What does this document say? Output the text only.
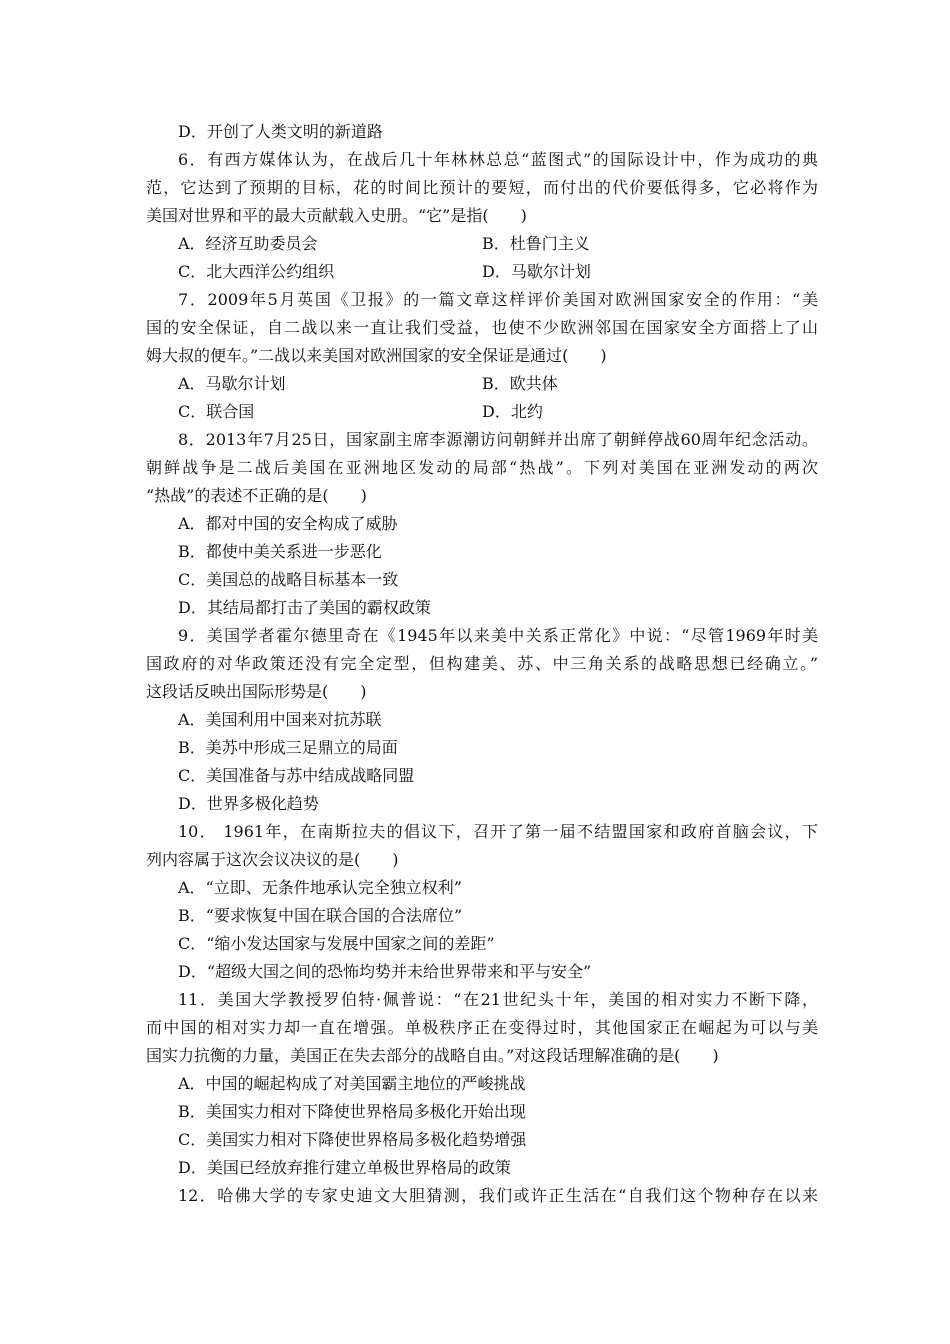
D．开创了人类文明的新道路
6．有西方媒体认为，在战后几十年林林总总“蓝图式”的国际设计中，作为成功的典
范，它达到了预期的目标，花的时间比预计的要短，而付出的代价要低得多，它必将作为
美国对世界和平的最大贡献载入史册。“它”是指(　　)
A．经济互助委员会	B．杜鲁门主义
C．北大西洋公约组织	D．马歇尔计划
7．2009年5月英国《卫报》的一篇文章这样评价美国对欧洲国家安全的作用：“美
国的安全保证，自二战以来一直让我们受益，也使不少欧洲邻国在国家安全方面搭上了山
姆大叔的便车。”二战以来美国对欧洲国家的安全保证是通过(　　)
A．马歇尔计划	B．欧共体
C．联合国	D．北约
8．2013年7月25日，国家副主席李源潮访问朝鲜并出席了朝鲜停战60周年纪念活动。
朝鲜战争是二战后美国在亚洲地区发动的局部“热战”。下列对美国在亚洲发动的两次
“热战”的表述不正确的是(　　)
A．都对中国的安全构成了威胁
B．都使中美关系进一步恶化
C．美国总的战略目标基本一致
D．其结局都打击了美国的霸权政策
9．美国学者霍尔德里奇在《1945年以来美中关系正常化》中说：“尽管1969年时美
国政府的对华政策还没有完全定型，但构建美、苏、中三角关系的战略思想已经确立。”
这段话反映出国际形势是(　　)
A．美国利用中国来对抗苏联
B．美苏中形成三足鼎立的局面
C．美国准备与苏中结成战略同盟
D．世界多极化趋势
10． 1961年，在南斯拉夫的倡议下，召开了第一届不结盟国家和政府首脑会议，下
列内容属于这次会议决议的是(　　)
A．“立即、无条件地承认完全独立权利”
B．“要求恢复中国在联合国的合法席位”
C．“缩小发达国家与发展中国家之间的差距”
D．“超级大国之间的恐怖均势并未给世界带来和平与安全”
11．美国大学教授罗伯特·佩普说：“在21世纪头十年，美国的相对实力不断下降，
而中国的相对实力却一直在增强。单极秩序正在变得过时，其他国家正在崛起为可以与美
国实力抗衡的力量，美国正在失去部分的战略自由。”对这段话理解准确的是(　　)
A．中国的崛起构成了对美国霸主地位的严峻挑战
B．美国实力相对下降使世界格局多极化开始出现
C．美国实力相对下降使世界格局多极化趋势增强
D．美国已经放弃推行建立单极世界格局的政策
12．哈佛大学的专家史迪文大胆猜测，我们或许正生活在“自我们这个物种存在以来
